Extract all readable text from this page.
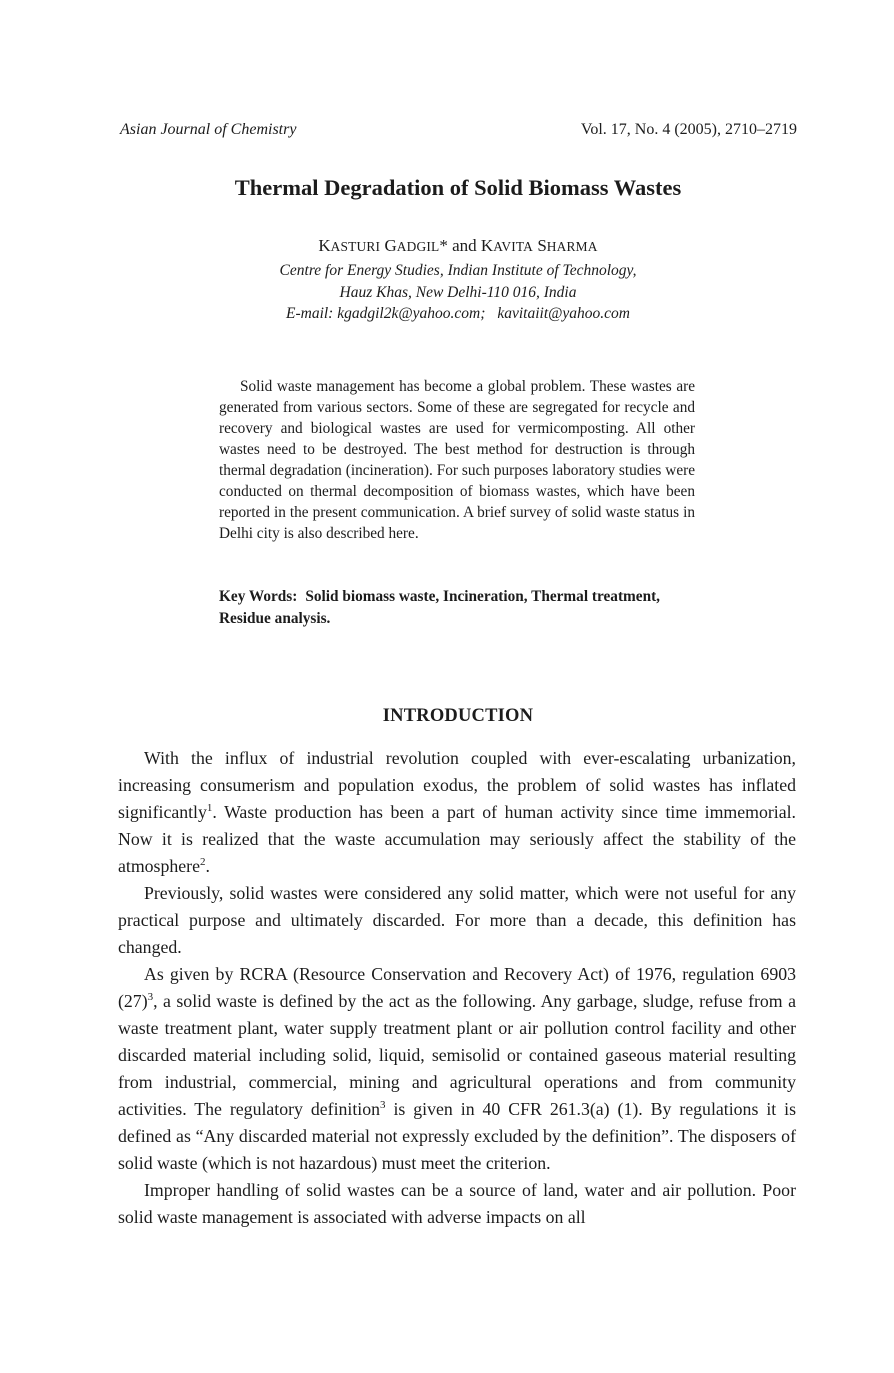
Asian Journal of Chemistry	Vol. 17, No. 4 (2005), 2710–2719
Thermal Degradation of Solid Biomass Wastes
KASTURI GADGIL* and KAVITA SHARMA
Centre for Energy Studies, Indian Institute of Technology,
Hauz Khas, New Delhi-110 016, India
E-mail: kgadgil2k@yahoo.com; kavitaiit@yahoo.com

Solid waste management has become a global problem. These wastes are generated from various sectors. Some of these are segregated for recycle and recovery and biological wastes are used for vermicomposting. All other wastes need to be destroyed. The best method for destruction is through thermal degradation (incineration). For such purposes laboratory studies were conducted on thermal decomposition of biomass wastes, which have been reported in the present communication. A brief survey of solid waste status in Delhi city is also described here.

Key Words: Solid biomass waste, Incineration, Thermal treatment, Residue analysis.

INTRODUCTION

With the influx of industrial revolution coupled with ever-escalating urbanization, increasing consumerism and population exodus, the problem of solid wastes has inflated significantly$^1$. Waste production has been a part of human activity since time immemorial. Now it is realized that the waste accumulation may seriously affect the stability of the atmosphere$^2$.

Previously, solid wastes were considered any solid matter, which were not useful for any practical purpose and ultimately discarded. For more than a decade, this definition has changed.

As given by RCRA (Resource Conservation and Recovery Act) of 1976, regulation 6903 $(27)^3$, a solid waste is defined by the act as the following. Any garbage, sludge, refuse from a waste treatment plant, water supply treatment plant or air pollution control facility and other discarded material including solid, liquid, semisolid or contained gaseous material resulting from industrial, commercial, mining and agricultural operations and from community activities. The regulatory definition$^3$ is given in 40 CFR 261.3(a) (1). By regulations it is defined as “Any discarded material not expressly excluded by the definition”. The disposers of solid waste (which is not hazardous) must meet the criterion.

Improper handling of solid wastes can be a source of land, water and air pollution. Poor solid waste management is associated with adverse impacts on all
